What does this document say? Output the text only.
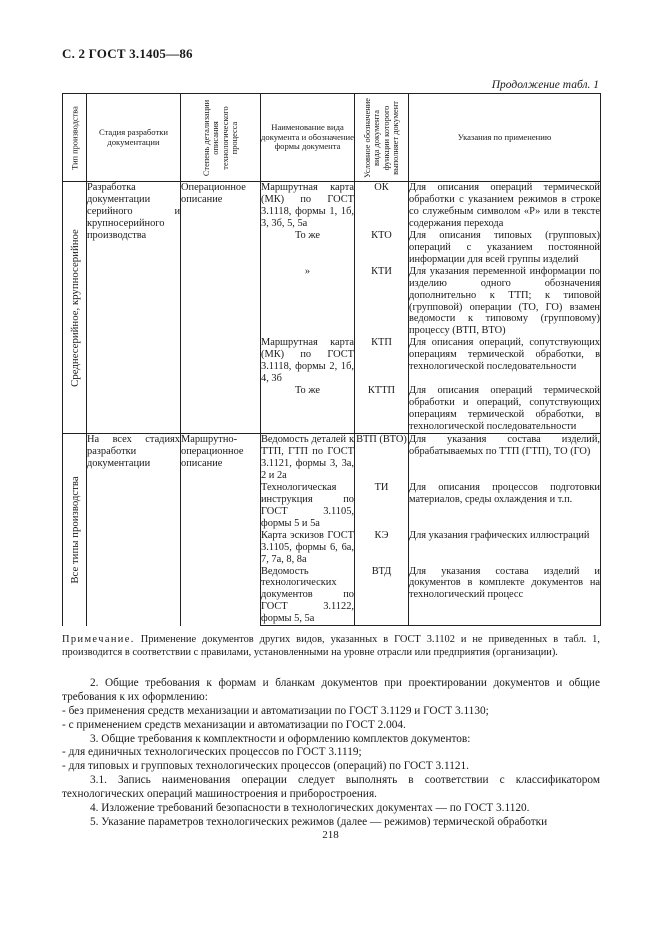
С. 2 ГОСТ 3.1405—86
Продолжение табл. 1
Тип производства	Стадия разработки документации	Степень детализации описания технологического процесса	Наименование вида документа и обозначение формы документа	Условное обозначение вида документа функции которого выполняет документ	Указания по применению

Среднесерийное, крупносерийное	Разработка документации серийного и крупносерийного производства	Операционное описание	Маршрутная карта (МК) по ГОСТ 3.1118, формы 1, 1б, 3, 3б, 5, 5а	ОК	Для описания операций термической обработки с указанием режимов в строке со служебным символом «Р» или в тексте содержания перехода
			То же	КТО	Для описания типовых (групповых) операций с указанием постоянной информации для всей группы изделий
			»	КТИ	Для указания переменной информации по изделию одного обозначения дополнительно к ТТП; к типовой (групповой) операции (ТО, ГО) взамен ведомости к типовому (групповому) процессу (ВТП, ВТО)
			Маршрутная карта (МК) по ГОСТ 3.1118, формы 2, 1б, 4, 3б	КТП	Для описания операций, сопутствующих операциям термической обработки, в технологической последовательности
			То же	КТТП	Для описания операций термической обработки и операций, сопутствующих операциям термической обработки, в технологической последовательности

Все типы производства	На всех стадиях разработки документации	Маршрутно-операционное описание	Ведомость деталей к ТТП, ГТП по ГОСТ 3.1121, формы 3, 3а, 2 и 2а	ВТП (ВТО)	Для указания состава изделий, обрабатываемых по ТТП (ГТП), ТО (ГО)
			Технологическая инструкция по ГОСТ 3.1105, формы 5 и 5а	ТИ	Для описания процессов подготовки материалов, среды охлаждения и т.п.
			Карта эскизов ГОСТ 3.1105, формы 6, 6а, 7, 7а, 8, 8а	КЭ	Для указания графических иллюстраций
			Ведомость технологических документов по ГОСТ 3.1122, формы 5, 5а	ВТД	Для указания состава изделий и документов в комплекте документов на технологический процесс
Примечание. Применение документов других видов, указанных в ГОСТ 3.1102 и не приведенных в табл. 1, производится в соответствии с правилами, установленными на уровне отрасли или предприятия (организации).

2. Общие требования к формам и бланкам документов при проектировании документов и общие требования к их оформлению:

- без применения средств механизации и автоматизации по ГОСТ 3.1129 и ГОСТ 3.1130;

- с применением средств механизации и автоматизации по ГОСТ 2.004.

3. Общие требования к комплектности и оформлению комплектов документов:

- для единичных технологических процессов по ГОСТ 3.1119;

- для типовых и групповых технологических процессов (операций) по ГОСТ 3.1121.

3.1. Запись наименования операции следует выполнять в соответствии с классификатором технологических операций машиностроения и приборостроения.

4. Изложение требований безопасности в технологических документах — по ГОСТ 3.1120.

5. Указание параметров технологических режимов (далее — режимов) термической обработки

218
